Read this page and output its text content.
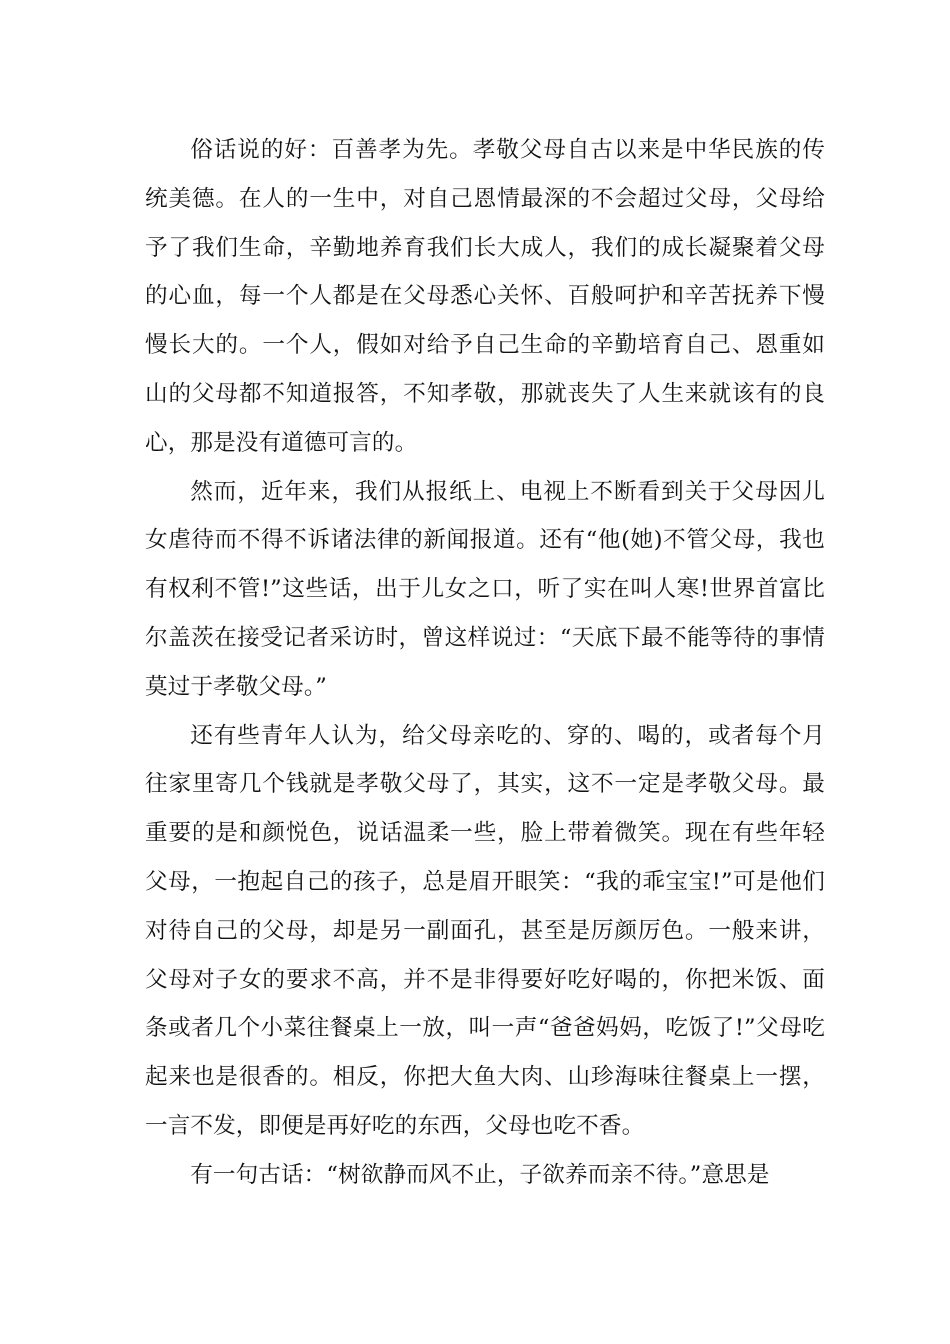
俗话说的好：百善孝为先。孝敬父母自古以来是中华民族的传统美德。在人的一生中，对自己恩情最深的不会超过父母，父母给予了我们生命，辛勤地养育我们长大成人，我们的成长凝聚着父母的心血，每一个人都是在父母悉心关怀、百般呵护和辛苦抚养下慢慢长大的。一个人，假如对给予自己生命的辛勤培育自己、恩重如山的父母都不知道报答，不知孝敬，那就丧失了人生来就该有的良心，那是没有道德可言的。

然而，近年来，我们从报纸上、电视上不断看到关于父母因儿女虐待而不得不诉诸法律的新闻报道。还有“他(她)不管父母，我也有权利不管!”这些话，出于儿女之口，听了实在叫人寒!世界首富比尔盖茨在接受记者采访时，曾这样说过：“天底下最不能等待的事情莫过于孝敬父母。”

还有些青年人认为，给父母亲吃的、穿的、喝的，或者每个月往家里寄几个钱就是孝敬父母了，其实，这不一定是孝敬父母。最重要的是和颜悦色，说话温柔一些，脸上带着微笑。现在有些年轻父母，一抱起自己的孩子，总是眉开眼笑：“我的乖宝宝!”可是他们对待自己的父母，却是另一副面孔，甚至是厉颜厉色。一般来讲，父母对子女的要求不高，并不是非得要好吃好喝的，你把米饭、面条或者几个小菜往餐桌上一放，叫一声“爸爸妈妈，吃饭了!”父母吃起来也是很香的。相反，你把大鱼大肉、山珍海味往餐桌上一摆，一言不发，即便是再好吃的东西，父母也吃不香。

有一句古话：“树欲静而风不止，子欲养而亲不待。”意思是
